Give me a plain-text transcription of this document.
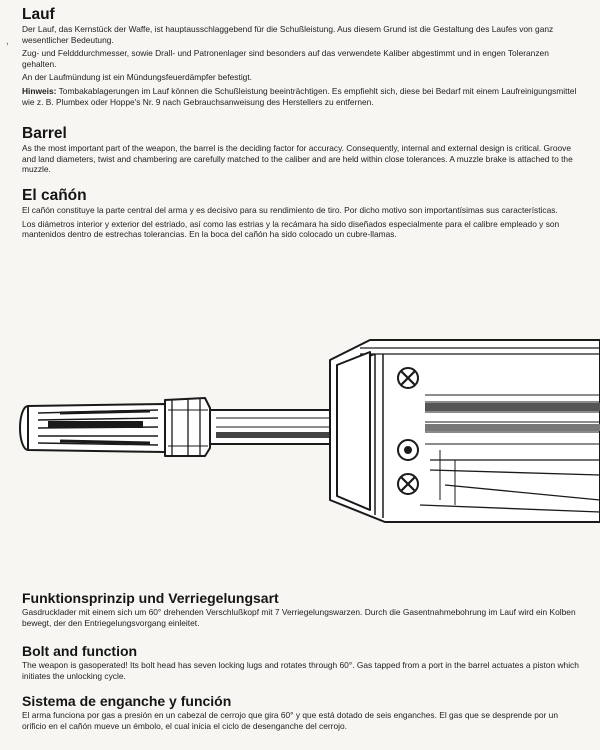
Lauf

Der Lauf, das Kernstück der Waffe, ist hauptausschlaggebend für die Schußleistung. Aus diesem Grund ist die Gestaltung des Laufes von ganz wesentlicher Bedeutung.

Zug- und Feldddurchmesser, sowie Drall- und Patronenlager sind besonders auf das verwendete Kaliber abgestimmt und in engen Toleranzen gehalten.

An der Laufmündung ist ein Mündungsfeuerdämpfer befestigt.

Hinweis: Tombakablagerungen im Lauf können die Schußleistung beeinträchtigen. Es empfiehlt sich, diese bei Bedarf mit einem Laufreinigungsmittel wie z. B. Plumbex oder Hoppe's Nr. 9 nach Gebrauchsanweisung des Herstellers zu entfernen.

,
Barrel

As the most important part of the weapon, the barrel is the deciding factor for accuracy. Consequently, internal and external design is critical. Groove and land diameters, twist and chambering are carefully matched to the caliber and are held within close tolerances. A muzzle brake is attached to the muzzle.

El cañón

El cañón constituye la parte central del arma y es decisivo para su rendimiento de tiro. Por dicho motivo son importantísimas sus características.

Los diámetros interior y exterior del estriado, así como las estrias y la recámara ha sido diseñados especialmente para el calibre empleado y son mantenidos dentro de estrechas tolerancias. En la boca del cañón ha sido colocado un cubre-llamas.

Funktionsprinzip und Verriegelungsart

Gasdrucklader mit einem sich um 60° drehenden Verschlußkopf mit 7 Verriegelungswarzen. Durch die Gasentnahmebohrung im Lauf wird ein Kolben bewegt, der den Entriegelungsvorgang einleitet.

Bolt and function

The weapon is gasoperated! Its bolt head has seven locking lugs and rotates through 60°. Gas tapped from a port in the barrel actuates a piston which initiates the unlocking cycle.

Sistema de enganche y función

El arma funciona por gas a presión en un cabezal de cerrojo que gira 60° y que está dotado de seis enganches. El gas que se desprende por un orificio en el cañón mueve un émbolo, el cual inicia el ciclo de desenganche del cerrojo.
